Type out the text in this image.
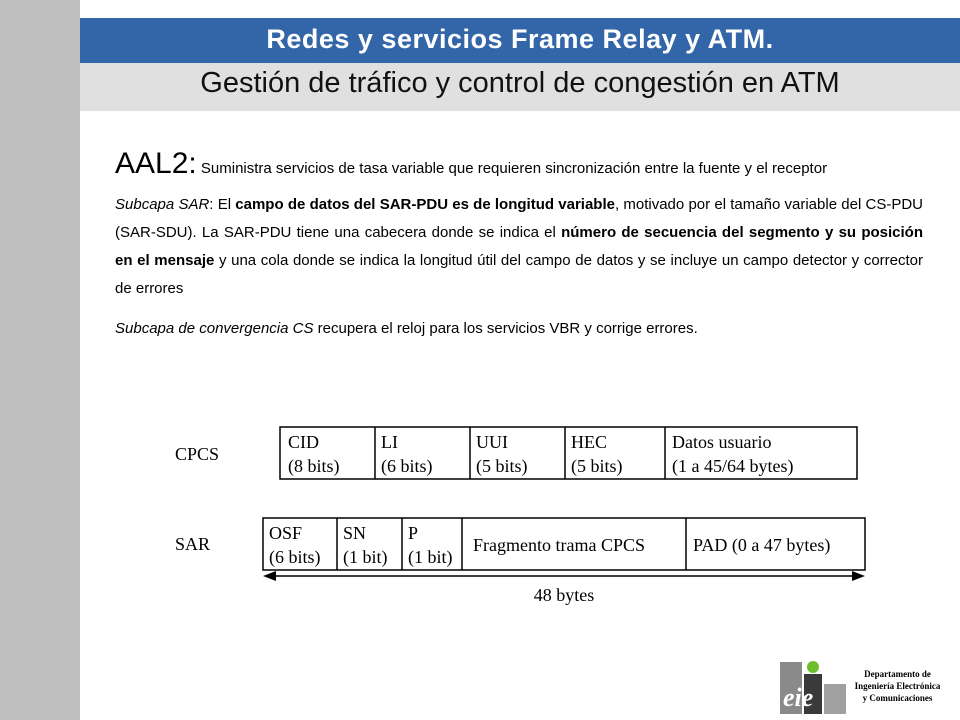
Redes y servicios Frame Relay y ATM.
Gestión de tráfico y control de congestión en ATM
AAL2: Suministra servicios de tasa variable que requieren sincronización entre la fuente y el receptor

Subcapa SAR: El campo de datos del SAR-PDU es de longitud variable, motivado por el tamaño variable del CS-PDU (SAR-SDU). La SAR-PDU tiene una cabecera donde se indica el número de secuencia del segmento y su posición en el mensaje y una cola donde se indica la longitud útil del campo de datos y se incluye un campo detector y corrector de errores

Subcapa de convergencia CS recupera el reloj para los servicios VBR y corrige errores.

CPCS
CID
(8 bits)
LI
(6 bits)
UUI
(5 bits)
HEC
(5 bits)
Datos usuario
(1 a 45/64 bytes)
SAR
OSF
(6 bits)
SN
(1 bit)
P
(1 bit)
Fragmento trama CPCS	PAD (0 a 47 bytes)
48 bytes
eie
Departamento de
Ingeniería Electrónica
y Comunicaciones
